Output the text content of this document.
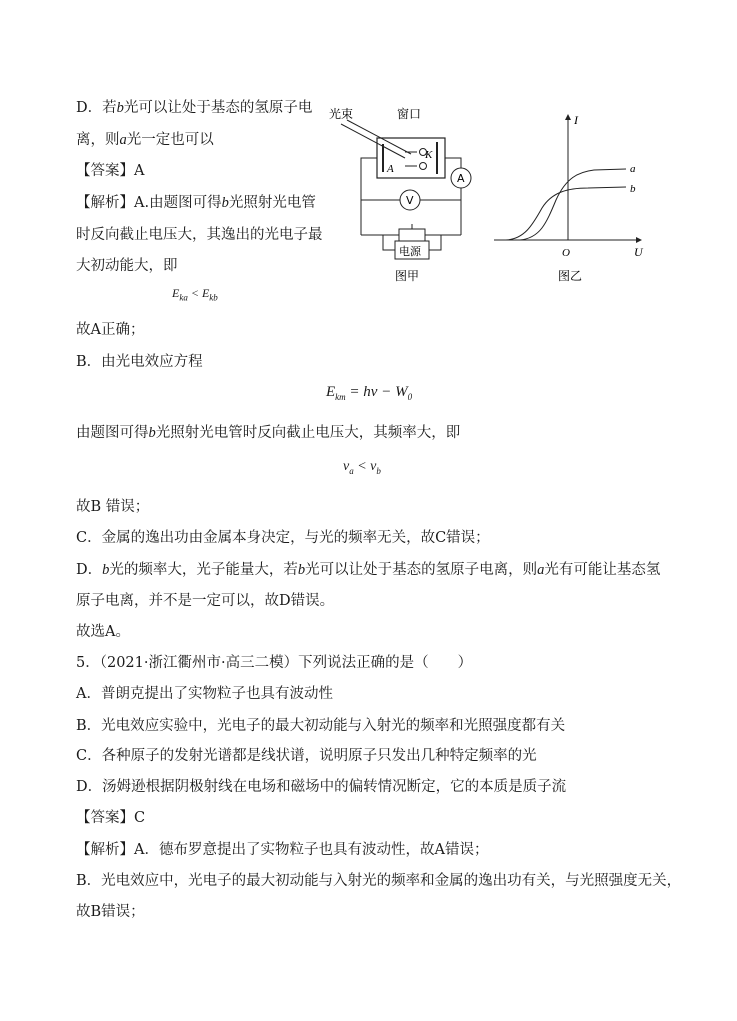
D．若b光可以让处于基态的氢原子电
离，则a光一定也可以
【答案】A
【解析】A.由题图可得b光照射光电管
时反向截止电压大，其逸出的光电子最
大初动能大，即
$E_{ka} < E_{kb}$
故A正确；
B．由光电效应方程
$E_{km} = h\nu - W_0$
由题图可得b光照射光电管时反向截止电压大，其频率大，即
$\nu_a < \nu_b$
故B 错误；
C．金属的逸出功由金属本身决定，与光的频率无关，故C错误；
D．b光的频率大，光子能量大，若b光可以让处于基态的氢原子电离，则a光有可能让基态氢
原子电离，并不是一定可以，故D错误。
故选A。
5．（2021·浙江衢州市·高三二模）下列说法正确的是（　　）
A．普朗克提出了实物粒子也具有波动性
B．光电效应实验中，光电子的最大初动能与入射光的频率和光照强度都有关
C．各种原子的发射光谱都是线状谱，说明原子只发出几种特定频率的光
D．汤姆逊根据阴极射线在电场和磁场中的偏转情况断定，它的本质是质子流
【答案】C
【解析】A．德布罗意提出了实物粒子也具有波动性，故A错误；
B．光电效应中，光电子的最大初动能与入射光的频率和金属的逸出功有关，与光照强度无关，
故B错误；
光束	窗口
A
K
A
V
电源
图甲
I
U
O
a
b
图乙
